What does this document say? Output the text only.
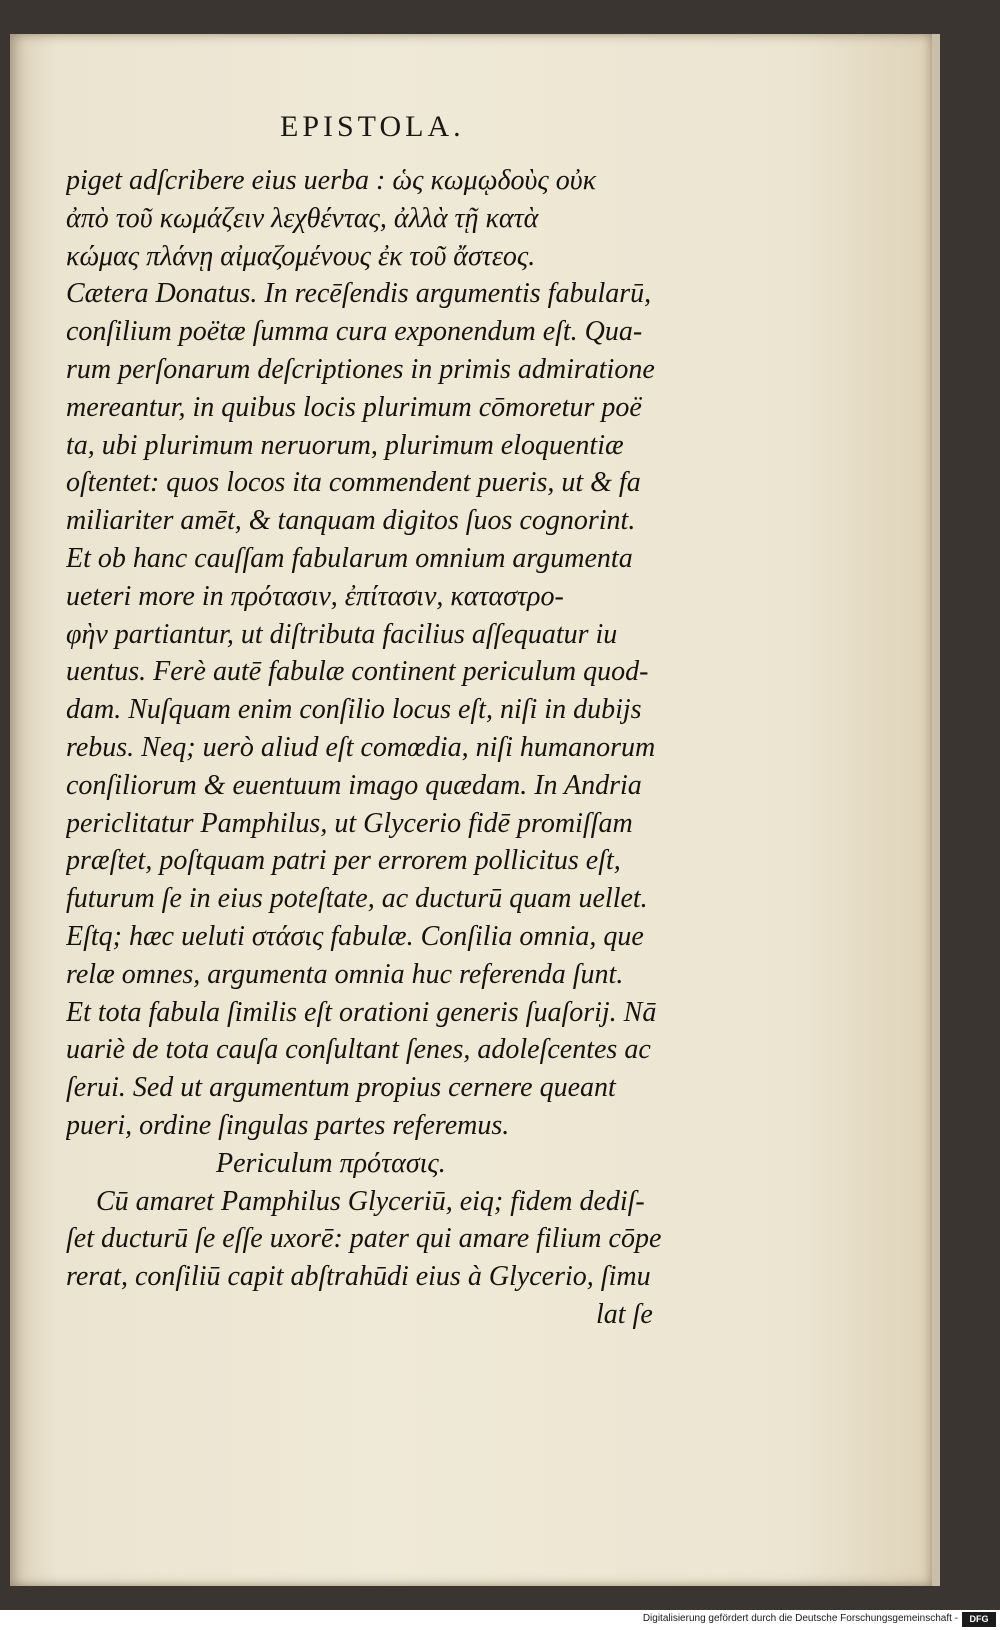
EPISTOLA.
piget adſcribere eius uerba : ὡς κωμῳδοὺς οὐκ
ἀπὸ τοῦ κωμάζειν λεχθέντας, ἀλλὰ τῇ κατὰ
κώμας πλάνῃ αἰμαζομένους ἐκ τοῦ ἄστεος.
Cætera Donatus. In recēſendis argumentis fabularū,
conſilium poëtæ ſumma cura exponendum eſt. Qua-
rum perſonarum deſcriptiones in primis admiratione
mereantur, in quibus locis plurimum cōmoretur poë
ta, ubi plurimum neruorum, plurimum eloquentiæ
oſtentet: quos locos ita commendent pueris, ut & fa
miliariter amēt, & tanquam digitos ſuos cognorint.
Et ob hanc cauſſam fabularum omnium argumenta
ueteri more in πρότασιν, ἐπίτασιν, καταστρο-
φὴν partiantur, ut diſtributa facilius aſſequatur iu
uentus. Ferè autē fabulæ continent periculum quod-
dam. Nuſquam enim conſilio locus eſt, niſi in dubijs
rebus. Neq; uerò aliud eſt comœdia, niſi humanorum
conſiliorum & euentuum imago quædam. In Andria
periclitatur Pamphilus, ut Glycerio fidē promiſſam
præſtet, poſtquam patri per errorem pollicitus eſt,
futurum ſe in eius poteſtate, ac ducturū quam uellet.
Eſtq; hæc ueluti στάσις fabulæ. Conſilia omnia, que
relæ omnes, argumenta omnia huc referenda ſunt.
Et tota fabula ſimilis eſt orationi generis ſuaſorij. Nā
uariè de tota cauſa conſultant ſenes, adoleſcentes ac
ſerui. Sed ut argumentum propius cernere queant
pueri, ordine ſingulas partes referemus.
Periculum πρότασις.
Cū amaret Pamphilus Glyceriū, eiq; fidem dediſ-
ſet ducturū ſe eſſe uxorē: pater qui amare filium cōpe
rerat, conſiliū capit abſtrahūdi eius à Glycerio, ſimu
lat ſe
Digitalisierung gefördert durch die Deutsche Forschungsgemeinschaft -	DFG
